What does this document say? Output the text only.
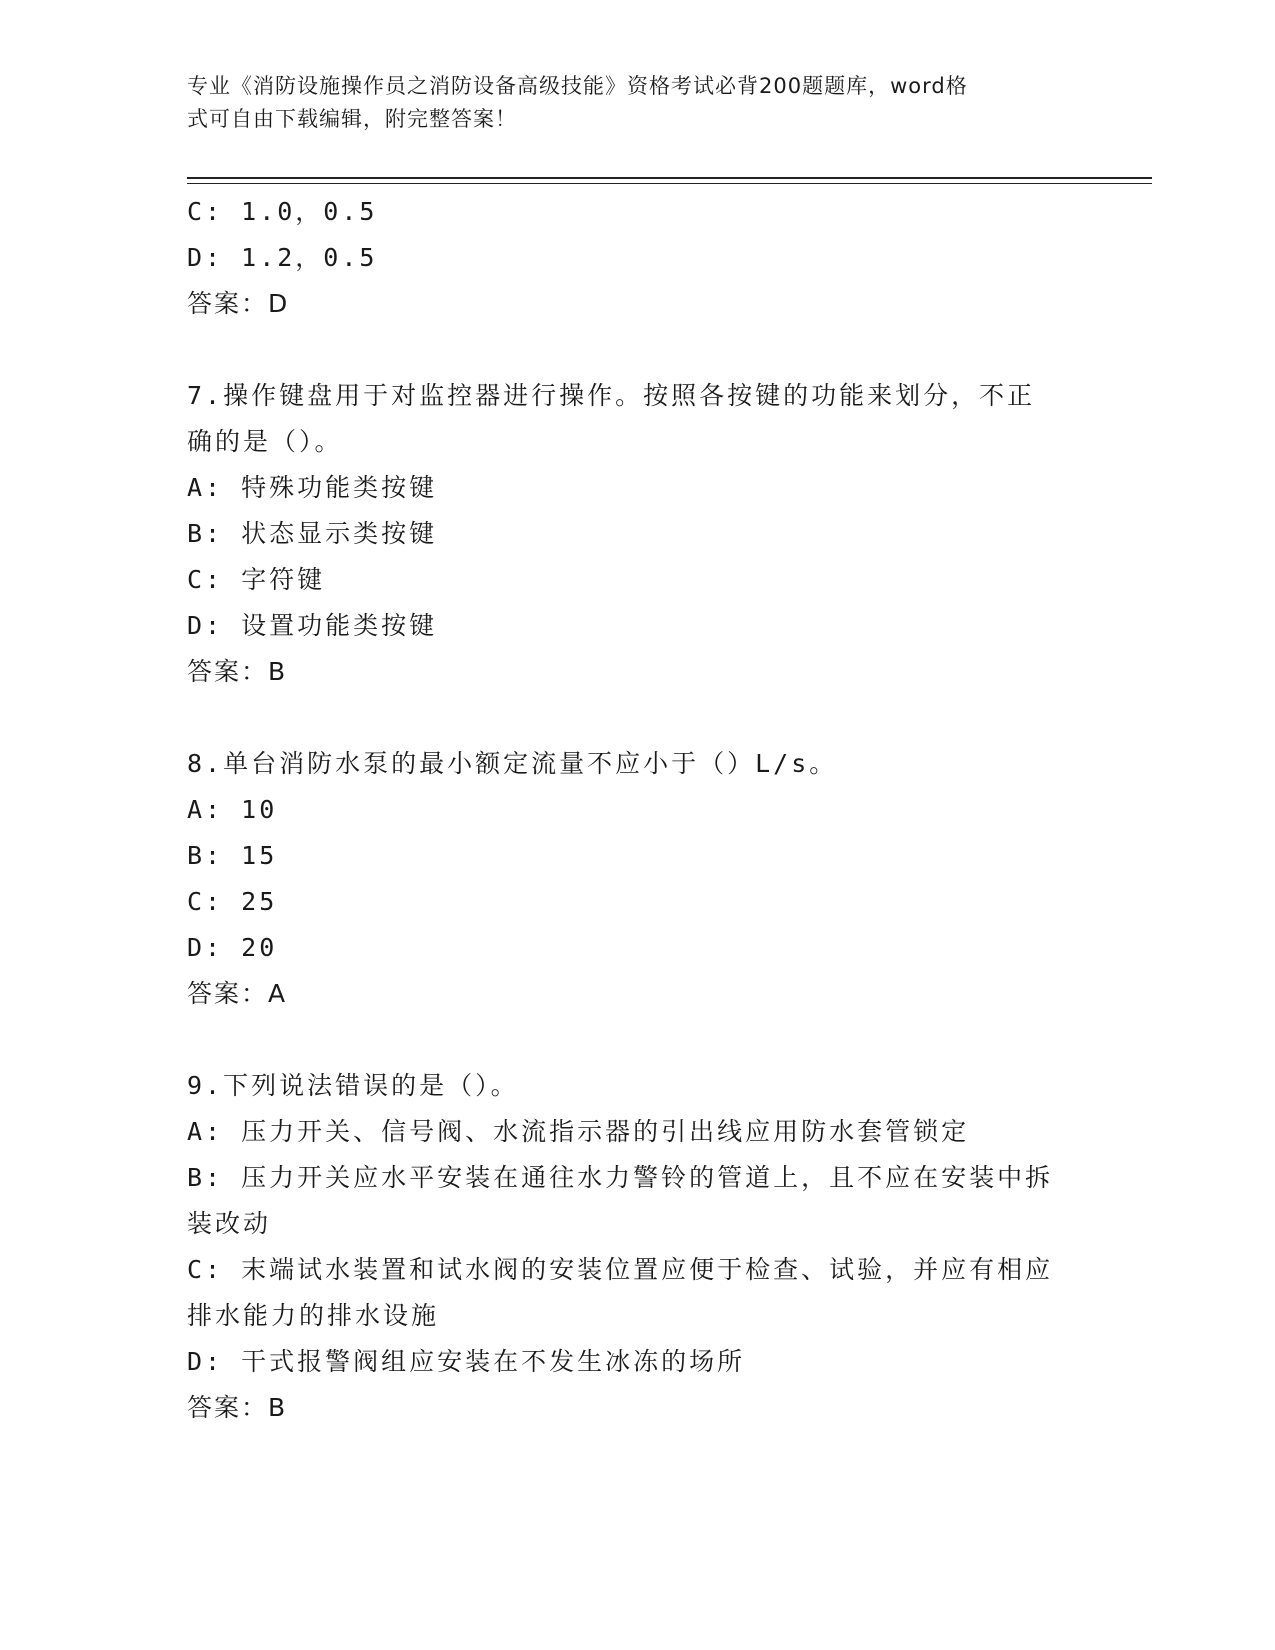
专业《消防设施操作员之消防设备高级技能》资格考试必背200题题库，word格
式可自由下载编辑，附完整答案！
C: 1.0，0.5
D: 1.2，0.5
答案：D
7.操作键盘用于对监控器进行操作。按照各按键的功能来划分，不正
确的是（）。
A: 特殊功能类按键
B: 状态显示类按键
C: 字符键
D: 设置功能类按键
答案：B
8.单台消防水泵的最小额定流量不应小于（）L/s。
A: 10
B: 15
C: 25
D: 20
答案：A
9.下列说法错误的是（）。
A: 压力开关、信号阀、水流指示器的引出线应用防水套管锁定
B: 压力开关应水平安装在通往水力警铃的管道上，且不应在安装中拆
装改动
C: 末端试水装置和试水阀的安装位置应便于检查、试验，并应有相应
排水能力的排水设施
D: 干式报警阀组应安装在不发生冰冻的场所
答案：B
